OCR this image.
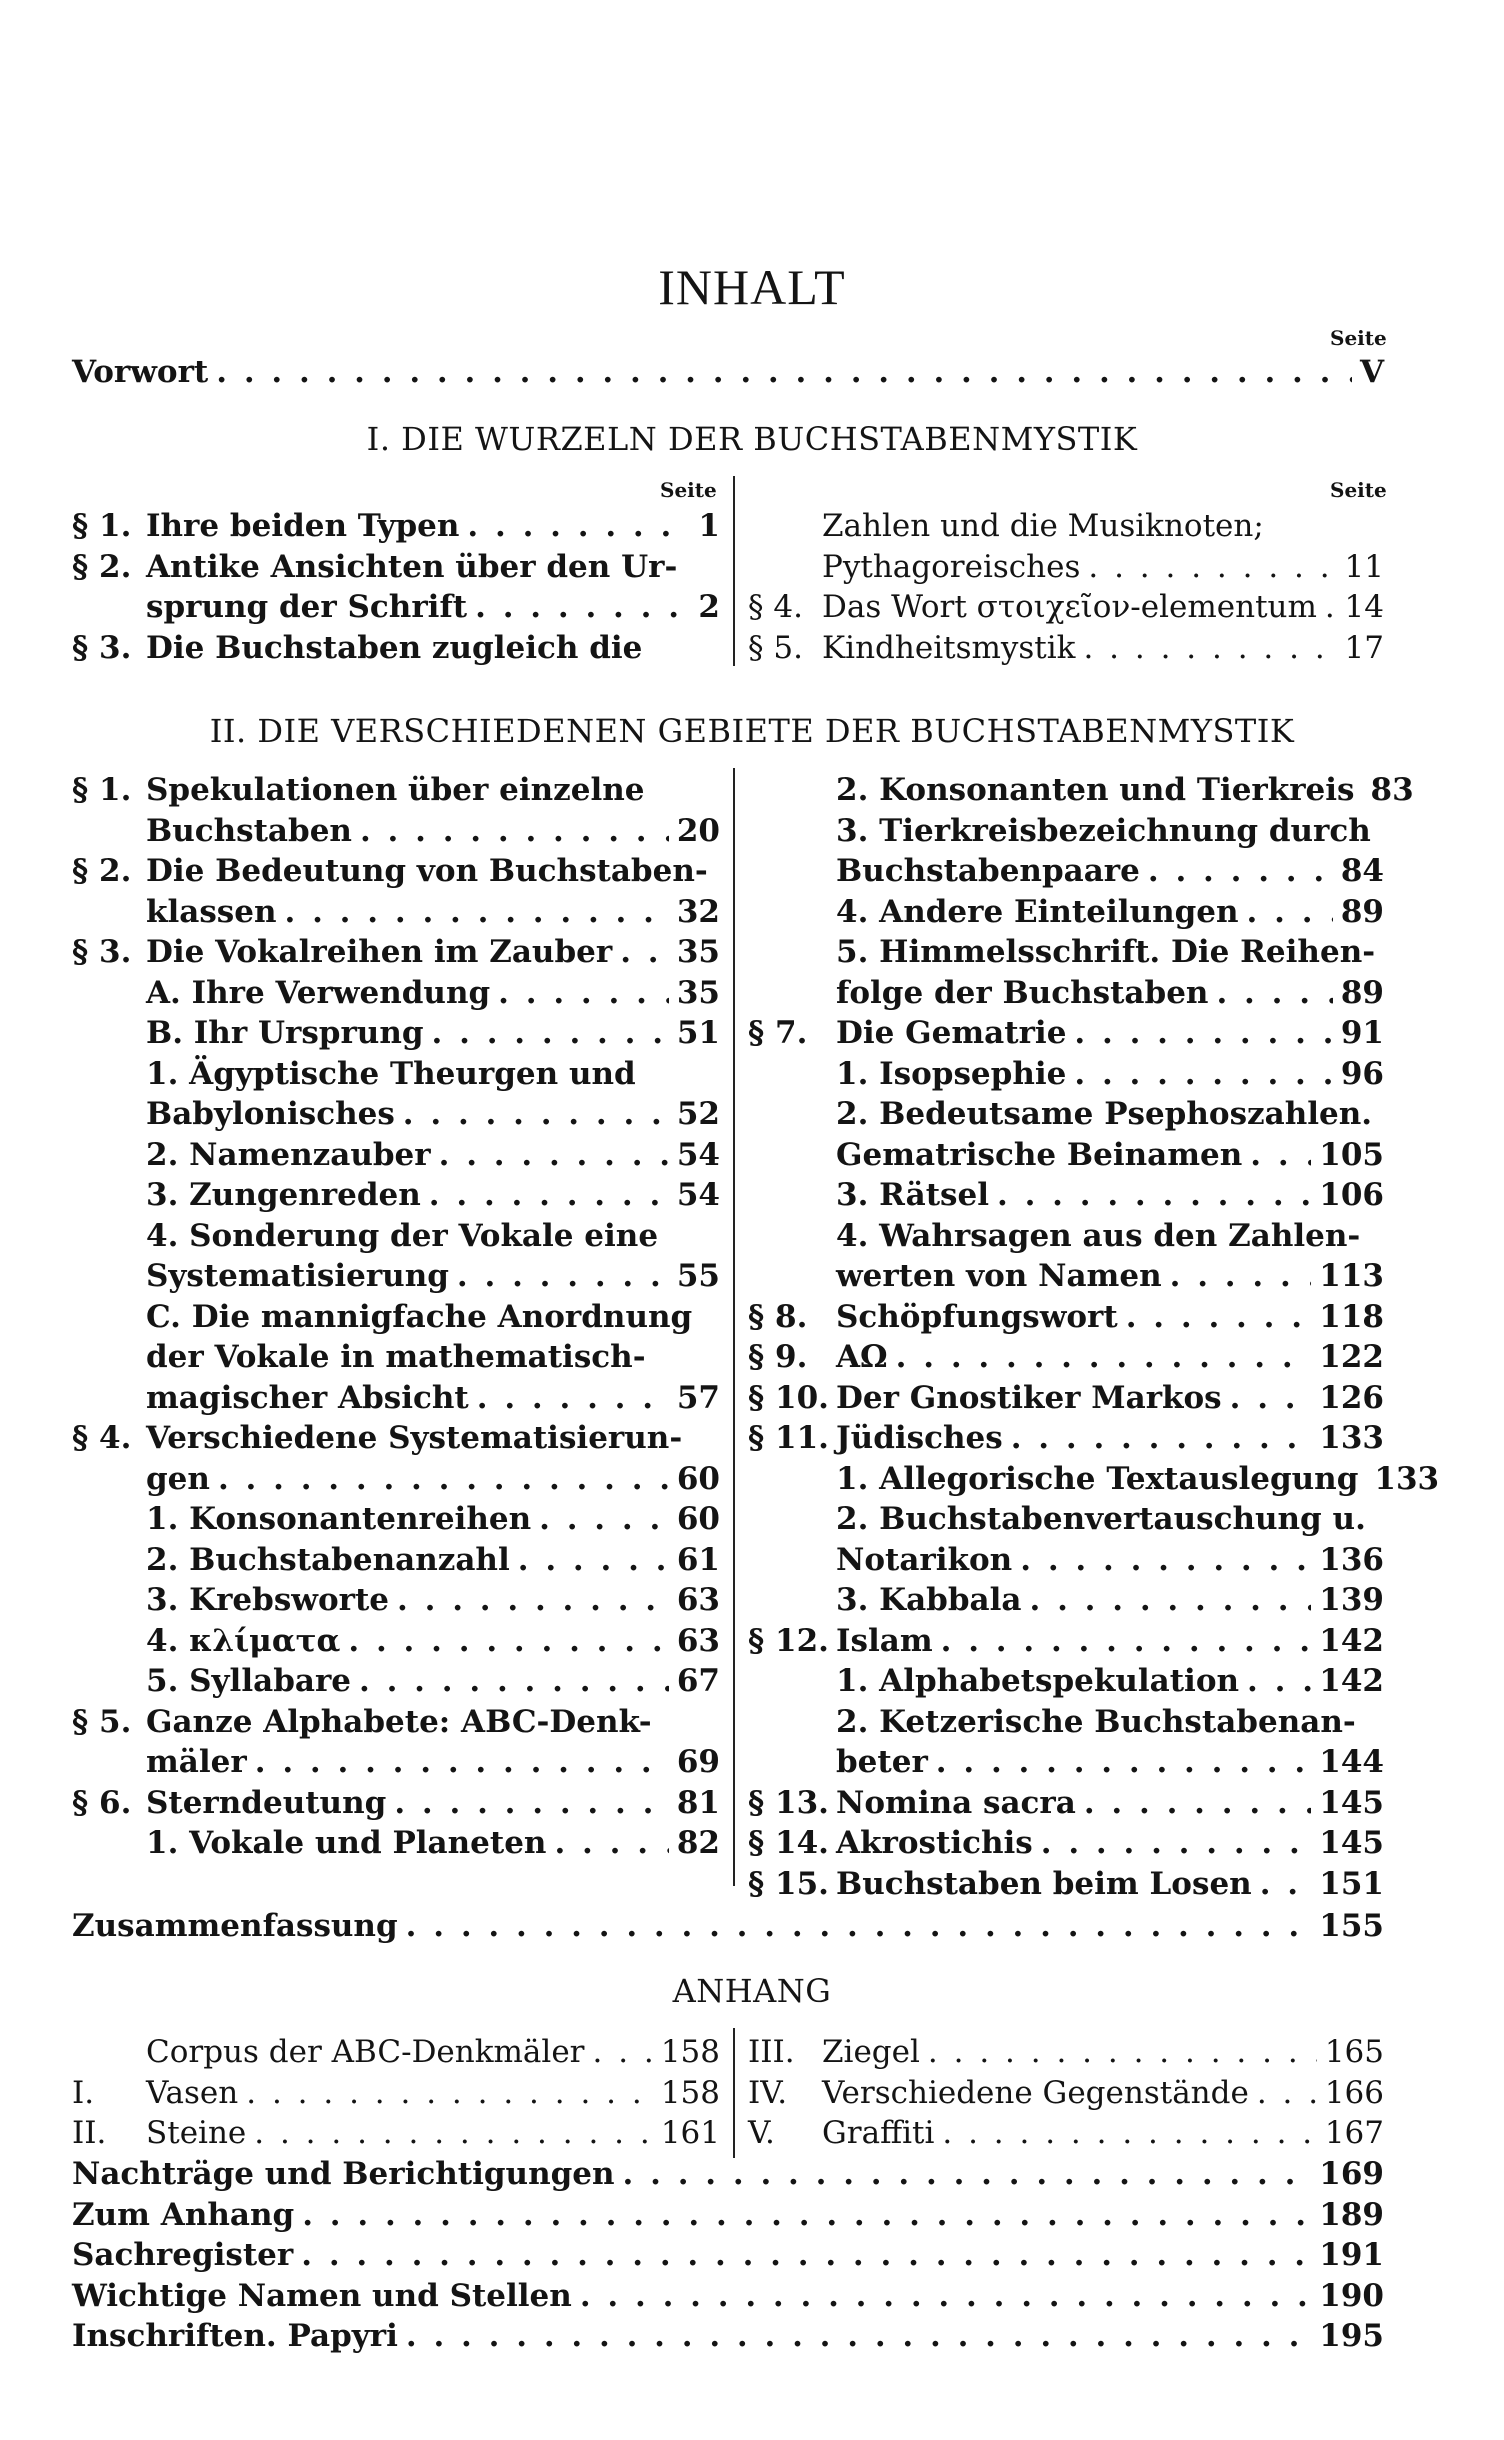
INHALT
Seite
Vorwort . . .	V
I. DIE WURZELN DER BUCHSTABENMYSTIK
Seite	Seite
§ 1. Ihre beiden Typen . . .	1
§ 2. Antike Ansichten über den Ur-
sprung der Schrift . . .	2
§ 3. Die Buchstaben zugleich die
Zahlen und die Musiknoten;
Pythagoreisches . . .	11
§ 4. Das Wort στοιχεῖον-elementum . . . 14
§ 5. Kindheitsmystik . . .	17
II. DIE VERSCHIEDENEN GEBIETE DER BUCHSTABENMYSTIK
§ 1. Spekulationen über einzelne
Buchstaben . . .	20
§ 2. Die Bedeutung von Buchstaben-
klassen . . .	32
§ 3. Die Vokalreihen im Zauber . . . 35
A. Ihre Verwendung . . .	35
B. Ihr Ursprung . . .	51
1. Ägyptische Theurgen und
Babylonisches . . .	52
2. Namenzauber . . .	54
3. Zungenreden . . .	54
4. Sonderung der Vokale eine
Systematisierung . . .	55
C. Die mannigfache Anordnung
der Vokale in mathematisch-
magischer Absicht . . .	57
§ 4. Verschiedene Systematisierun-
gen . . .	60
1. Konsonantenreihen . . .	60
2. Buchstabenanzahl . . .	61
3. Krebsworte . . .	63
4. κλίματα . . .	63
5. Syllabare . . .	67
§ 5. Ganze Alphabete: ABC-Denk-
mäler . . .	69
§ 6. Sterndeutung . . .	81
1. Vokale und Planeten . . .	82
2. Konsonanten und Tierkreis 83
3. Tierkreisbezeichnung durch
Buchstabenpaare . . .	84
4. Andere Einteilungen . . .	89
5. Himmelsschrift. Die Reihen-
folge der Buchstaben . . .	89
§ 7. Die Gematrie . . .	91
1. Isopsephie . . .	96
2. Bedeutsame Psephoszahlen.
Gematrische Beinamen . . . 105
3. Rätsel . . .	106
4. Wahrsagen aus den Zahlen-
werten von Namen . . .	113
§ 8. Schöpfungswort . . .	118
§ 9. ΑΩ . . .	122
§ 10. Der Gnostiker Markos . . .	126
§ 11. Jüdisches . . .	133
1. Allegorische Textauslegung 133
2. Buchstabenvertauschung u.
Notarikon . . .	136
3. Kabbala . . .	139
§ 12. Islam . . .	142
1. Alphabetspekulation . . .	142
2. Ketzerische Buchstabenan-
beter . . .	144
§ 13. Nomina sacra . . .	145
§ 14. Akrostichis . . .	145
§ 15. Buchstaben beim Losen . . . 151
Zusammenfassung . . .	155
ANHANG
Corpus der ABC-Denkmäler . . . 158
I.	Vasen . . .	158
II.	Steine . . .	161
III. Ziegel . . .	165
IV.	Verschiedene Gegenstände . . . 166
V.	Graffiti . . .	167
Nachträge und Berichtigungen . . .	169
Zum Anhang . . .	189
Sachregister . . .	191
Wichtige Namen und Stellen . . .	190
Inschriften. Papyri . . .	195
